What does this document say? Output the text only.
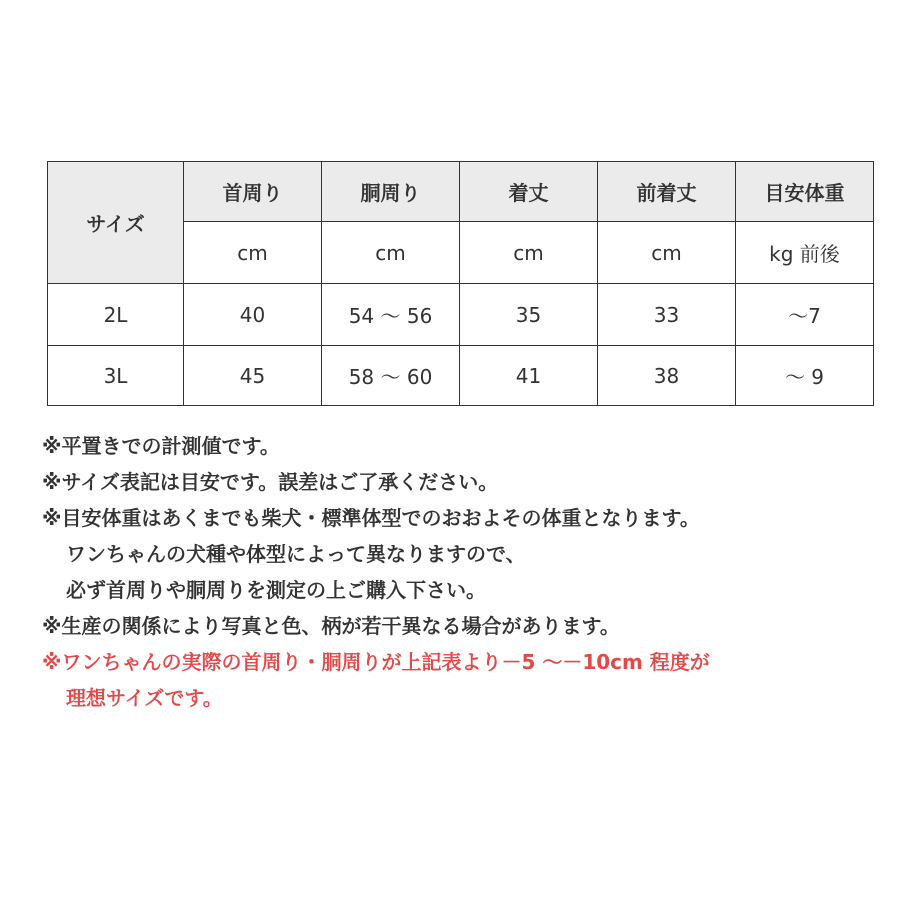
サイズ	首周り	胴周り	着丈	前着丈	目安体重
	cm	cm	cm	cm	kg 前後
2L	40	54 〜 56	35	33	〜7
3L	45	58 〜 60	41	38	〜 9
※平置きでの計測値です。
※サイズ表記は目安です。誤差はご了承ください。
※目安体重はあくまでも柴犬・標準体型でのおおよその体重となります。
ワンちゃんの犬種や体型によって異なりますので、
必ず首周りや胴周りを測定の上ご購入下さい。
※生産の関係により写真と色、柄が若干異なる場合があります。
※ワンちゃんの実際の首周り・胴周りが上記表より－5 〜－10cm 程度が
理想サイズです。
